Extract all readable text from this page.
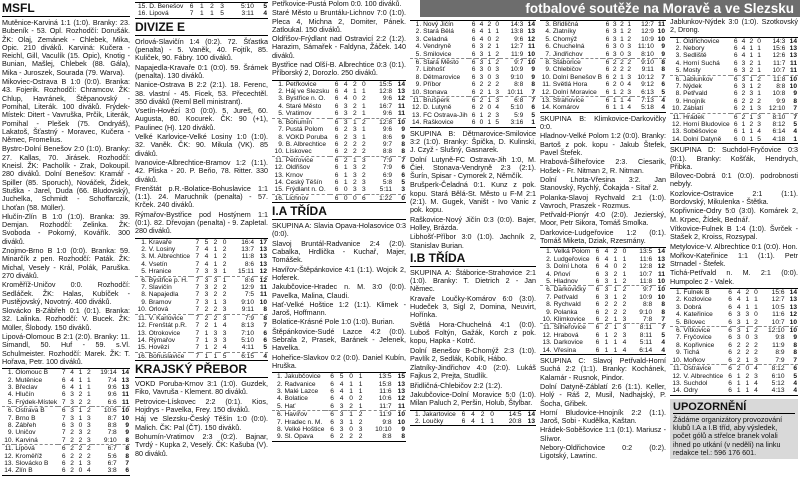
fotbalové soutěže na Moravě a ve Slezsku
MSFL

Mutěnice-Karviná 1:1 (1:0). Branky: 23. Bubeník - 53. Opl. Rozhodčí: Dorušák. ŽK: Olaj, Zemánek - Chlebek, Mika, Opic. 210 diváků. Karviná: Kučera - Reichl, Gill, Vaculík (15. Opic), Knotig - Bunian, Mašlej, Chlebek (88. Gála), Mika - Juroszek, Sourada (79. Warva).

Mikoviec-Ostrava B 1:0 (0:0). Branka: 43. Fojerik. Rozhodčí: Chramcov. ŽK: Chlup, Havránek, Štěpanovský - Pomihal, Literák. 100 diváků. Frýdek-Místek: Ditert - Vavruška, Prčik, Literák, Pomihal - Plešek (75. Ondryáš), Lakatoš, Šťastný - Moravec, Kučera - Němec, Fromelius.

Bystrc-Dolní Benešov 2:0 (1:0). Branky: 27. Kallas, 70. Jirásek. Rozhodčí: Kneisl. ŽK: Pacholík - Zrak, Dokoupil. 280 diváků. Dolní Benešov: Kramář - Spiller (85. Sporuch), Nováček, Židek, Stuška - Jarel, Duda (66. Bludovský), Juchelka, Schmidt - Schoffarczik, Lhoťan (58. Müller).

Hlučín-Zlín B 1:0 (1:0). Branka: 39. Demjan. Rozhodčí: Zelinka. ŽK: Svoboda - Pokorný, Kovářík. 300 diváků.

Znojmo-Brno B 1:0 (0:0). Branka: 59. Minarčík z pen. Rozhodčí: Paták. ŽK: Michal, Vesely - Král, Polák, Paruška. 270 diváků.

Kroměříž-Uničov 0:0. Rozhodčí: Sedláček. ŽK: Halas, Kubíček - Pustějovský, Novotný. 400 diváků.

Slovácko B-Zábřeh 0:1 (0:1). Branka: 32. Lalinka. Rozhodčí: V. Bucek. ŽK: Müller, Šlobody. 150 diváků.

Lipová-Olomouc B 2:1 (2:0). Branky: 11. Simandl, 50. Huf - 59. s.Vl. Schulmeister. Rozhodčí: Marek. ŽK: T. Hořava, Petr. 100 diváků.

1.	Olomouc B	7	4	1	2	19:14	14
2.	Mutěnice	6	4	1	1	7:4	13
3.	Břeclav	6	4	1	1	9:6	13
4.	Hlučín	6	3	2	1	9:6	11
5.	Frýdek-Místek	7	3	2	2	6:6	11
6.	Ostrava B	6	3	1	2	10:6	10
7.	Brno B	7	3	1	3	8:7	10
8.	Zábřeh	6	3	0	3	8:8	9
9.	Uničov	7	2	3	2	7:8	9
10.	Karviná	7	2	2	3	9:10	8
11.	Lipová	6	2	2	2	6:7	8
12.	Kroměříž	6	2	2	2	5:6	8
13.	Slovácko B	6	2	1	3	6:7	7
14.	Zlín B	6	2	0	4	3:8	6
15.	D. Benešov	6	1	2	3	5:10	5
16.	Lipová	7	1	1	5	3:11	4
DIVIZE E

Orlová-Slavičín 1:4 (0:2). 72. Šťastka (penalta) - 5. Vaněk, 40. Fojtík, 85. Kuliček, 90. Fábry. 100 diváků.

Napajedla-Kravaře 0:1 (0:0). 59. Šrámek (penalta). 130 diváků.

Nanice-Ostrava B 2:2 (2:1). 18. Ferenc, 38. vlastní - 45. Ficek, 53. Přecechtěl. 350 diváků (Reml Bell ministrant).

Vsetín-Hovězí 3:0 (0:0). 5, Jureš, 60. Augusta, 80. Kocurek. ČK: 90 (+1), Paulinec (H). 120 diváků.

Velké Karlovice-Velké Losiny 1:0 (1:0). 32. Vaněk. ČK: 90. Mikula (VK). 85 diváků.

Ivanovice-Albrechtice-Bramov 1:2 (1:1). 42. Pliska - 20. P. Beňo, 78. Ritter. 330 diváků.

Frenštát p.R.-Bolatice-Bohuslavice 1:1 (1:1). 24. Maruchnik (penalta) - 57. Krček. 240 diváků.

Rýmařov-Bystřice pod Hostýnem 1:1 (0:1). 82. Dřevojan (penalta) - 9. Zapletal. 280 diváků.

1.	Kravaře	7	5	2	0	16:4	17
2.	V. Losiny	7	4	1	2	13:7	13
3.	M. Albrechtice	7	4	1	2	11:8	13
4.	Vsetín	7	4	1	2	8:6	13
5.	Hranice	7	3	3	1	15:11	12
6.	Bystřice p. H.	7	3	3	1	8:6	12
7.	Slavičín	7	3	2	2	12:9	11
8.	Napajedla	7	3	2	2	7:5	11
9.	Bramov	7	3	1	3	9:10	10
10.	Orlová	7	2	2	3	9:11	8
11.	V. Karlovice	7	2	2	3	7:9	8
12.	Frenštát p.R.	7	2	1	4	8:13	7
13.	Otrokovice	7	1	3	3	7:10	6
14.	Rýmařov	7	1	3	3	5:10	6
15.	Hovězí	7	1	2	4	4:11	5
16.	Bohuslavice	7	1	1	5	6:15	4
KRAJSKÝ PŘEBOR

VOKD Poruba-Krnov 3:1 (1:0). Guzdek, Fiko, Vavruša - Klement. 80 diváků.

Petrovice-Lískovec 2:2 (0:1). Kios, Hojdrys - Pavelka, Frey. 150 diváků.

Háj ve Slezsku-Český Těšín 1:0 (0:0). Malich. ČK: Pal (ČT). 150 diváků.

Bohumín-Vratimov 2:3 (0:2). Bajnar, Tvrdý - Kupka 2, Veselý. ČK: Kašuba (V). 80 diváků.

Petřkovice-Pustá Polom 0:0. 100 diváků.

Staré Město u Bruntálu-Lichnov 7:0 (1:0). Pleca 4, Michna 2, Domiter, Pánek. Zatloukal. 150 diváků.

Oldřišov-Frýdlant nad Ostravicí 2:2 (1:2). Harazim, Sámařek - Faldyna, Žáček. 140 diváků.

Bystřice nad Olší-B. Albrechtice 0:3 (0:1). Příborský 2, Dorozlo. 250 diváků.

1.	Petřkovice	6	4	2	0	15:5	14
2.	Háj ve Slezsku	6	4	1	1	12:8	13
3.	Bystřice n. O.	6	4	0	2	9:6	12
4.	Staré Město	6	3	2	1	16:7	11
5.	Vratimov	6	3	2	1	9:6	11
6.	Bohumín	6	3	1	2	12:8	10
7.	Pustá Polom	6	2	3	1	9:6	9
8.	VOKD Poruba	6	2	3	1	8:6	9
9.	B. Albrechtice	6	2	2	2	9:7	8
10.	Lískovec	6	2	2	2	8:8	8
11.	Petrovice	6	2	1	3	7:9	7
12.	Oldřišov	6	1	3	2	7:9	6
13.	Krnov	6	1	3	2	6:9	6
14.	Český Těšín	6	1	2	3	5:8	5
15.	Frýdlant n. O.	6	0	3	3	5:11	3
16.	Lichnov	6	0	0	6	1:22	0
I.A TŘÍDA

SKUPINA A: Slavia Opava-Holasovice 0:3 (0:0).

Slavoj Bruntál-Radvanice 2:4 (2:0). Cabalka, Hrdlička - Kuchař, Majer, Tomášek.

Havířov-Štěpánkovice 4:1 (1:1). Wojcik 2, Hoferek.

Jakubčovice-Hradec n. M. 3:0 (0:0). Pavelka, Malina, Claudi.

Hať-Velké Hoštice 1:2 (1:1). Klimek - Jaroš, Hoffmann.

Bolatice-Krásné Pole 1:0 (1:0). Burian.

Štěpánkovice-Sudé Lazce 4:2 (0:0). Sebrala 2, Prasek, Baránek - Jelenek, Havelka.

Hoheřice-Slavkov 0:2 (0:0). Daniel Kubín, Hruška.

1.	Jakubčovice	6	5	0	1	13:5	15
2.	Radvanice	6	4	1	1	15:8	13
3.	Malé Lazce	6	4	1	1	11:6	13
4.	Bolatice	6	4	0	2	10:6	12
5.	Hať	6	3	2	1	11:7	11
6.	Havířov	6	3	1	2	11:9	10
7.	Hradec n. M.	6	3	1	2	9:8	10
8.	Velké Hoštice	6	3	0	3	10:10	9
9.	Sl. Opava	6	2	2	2	8:8	8
1.	Nový Jičín	6	4	2	0	14:3	14
2.	Stará Bělá	6	4	1	1	13:8	13
3.	Čeladná	6	4	0	2	9:6	12
4.	Vendryně	6	3	2	1	12:7	11
5.	Smilovice	6	3	1	2	11:9	10
6.	Stará Město	6	3	1	2	9:7	10
7.	Libhošť	6	3	0	3	10:9	9
8.	Dětmarovice	6	3	0	3	9:10	9
9.	Příbor	6	2	2	2	8:8	8
10.	Stonava	6	2	1	3	10:11	7
11.	Brušperk	6	2	1	3	6:8	7
12.	D. Lutyně	6	2	0	4	5:10	6
13.	FC Ostrava-Jih	6	1	2	3	5:9	5
14.	Raškovice	6	0	1	5	3:16	1

SKUPINA B: Dětmarovice-Smilovice 3:2 (1:0). Branky: Špička, D. Kulinski, J. Czyž - Slušný, Gasnarek.

Dolní Lutyně-FC Ostrava-Jih 1:0, M. Čieł. Stonava-Vendryně 2:3 (2:1). Šurín, Spisar - Cymorek 2, Němčík.

Brušperk-Čeladná 0:1. Kunz z pok. kopu. Stará Bělá-St. Město u F-M 2:1 (2:1). M. Gugek, Vaništ - Ivo Vanic z pok. kopu.

Raškovice-Nový Jičín 0:3 (0:0). Bajer, Holley, Brázda.

Libhošť-Příbor 3:0 (1:0). Jachník 2, Stanislav Burian.

I.B TŘÍDA

SKUPINA A: Štáborice-Strahovice 2:1 (1:0). Branky: T. Dietrich 2 - Jan Němec.

Kravaře Loučky-Komárov 6:0 (3:0). Hudeček 3, Sigl 2, Domina, Neuvirt, Hořínka.

Světlá Hora-Chuchelná 4:1 (0:0). Luboš Foltýn, Gažák, Korch z pok. kopu, Hapka - Kotrč.

Dolní Benešov B-Chomýž 2:3 (1:0). Pavlík 2, Sedlák, Kobík, Hábo.

Zlatníky-Jindřichov 4:0 (2:0). Lukáš Fajkus 2, Prejta, Studlík.

Břidličná-Chlebičov 2:2 (1:2).

Jakubčovice-Dolní Moravice 5:0 (1:0). Milan Paluch 2, Peršin, Holub, Štylbar.

1.	Jakartovice	6	4	2	0	14:5	14
2.	Loučky	6	4	1	1	20:8	13
3.	Břidličná	6	3	2	1	12:7	11
4.	Zlatníky	6	3	1	2	12:9	10
5.	Chomýž	6	3	1	2	10:9	10
6.	Chuchelná	6	3	0	3	11:10	9
7.	Jindřichov	6	3	0	3	8:10	9
8.	Štáborice	6	2	2	2	9:10	8
9.	Chlebičov	6	2	2	2	9:11	8
10.	Dolní Benešov B	6	2	1	3	10:12	7
11.	Světlá Hora	6	2	0	4	9:12	6
12.	Dolní Moravice	6	1	2	3	6:13	5
13.	Strahovice	6	1	1	4	7:13	4
14.	Komárov	6	1	1	4	5:18	4

SKUPINA B: Klimkovice-Darkovičky 0:0.

Hladnov-Velké Polom 1:2 (0:0). Branky: Bartoš z pok. kopu - Jakub Štefek, Pavel Štefek.

Hrabová-Šilheřovice 2:3. Ciesarik, Hošek - Fr. Nitman 2, R. Nitman.

Dolní Lhota-Vřesina 3:2. Jan Stanovský, Rychlý, Čokajda - Sítař 2.

Polanka-Slavoj Rychvald 2:1 (1:0). Vavroch, Praszek - Rozmus.

Petřvald-Pionýr 4:0 (2:0). Jezierský, Moor, Petr Sikora, Tomáš Smolka.

Darkovice-Ludgeřovice 1:2 (0:1). Tomáš Miketa, Dziak, Rzesmány.

1.	Velká Polom	6	4	2	0	13:5	14
2.	Ludgeřovice	6	4	1	1	11:6	13
3.	Dolní Lhota	6	4	0	2	12:8	12
4.	Pňoví	6	3	2	1	10:7	11
5.	Hladnov	6	3	1	2	11:8	10
6.	Darkovičky	6	3	1	2	9:7	10
7.	Petřvald	6	3	1	2	10:9	10
8.	Rychvald	6	2	2	2	8:8	8
9.	Polanka	6	2	2	2	9:10	8
10.	Klimkovice	6	2	1	3	7:8	7
11.	Šilheřovice	6	2	1	3	8:11	7
12.	Hrabová	6	1	2	3	8:11	5
13.	Darkovice	6	1	1	4	5:11	4
14.	Vřesina	6	1	1	4	6:14	4

SKUPINA C: Slavoj Petřvald-Horní Suchá 2:2 (1:1). Branky: Kochánek, Kalamár - Rusnok, Pindor.

Dolní Datyně-Záblatí 2:6 (1:1). Keller, Holý - Ráš 2, Musil, Nadhajský, P. Šocha, Gřibek.

Horní Bludovice-Hnojník 2:2 (1:1). Jaroš, Sobi - Kudělka, Kaštan.

Hrádek-Soběšovice 1:1 (0:1). Mariusz - Slíwor.

Nebory-Oldřichovice 0:2 (0:2). Ligotský, Lawrinc.

Jablunkov-Nýdek 3:0 (1:0). Szotkovský 2, Drong.

1.	Oldřichovice	6	4	2	0	14:3	14
2.	Nebory	6	4	1	1	15:6	13
3.	Sedliště	6	4	1	1	12:6	13
4.	Horní Suchá	6	3	2	1	11:7	11
5.	Mosty	6	3	2	1	10:7	11
6.	Jablunkov	6	3	1	2	11:8	10
7.	Nýdek	6	3	1	2	8:8	10
8.	Petřvald	6	2	3	1	10:8	9
9.	Hnojník	6	2	2	2	9:9	8
10.	Záblatí	6	2	1	3	12:10	7
11.	Hrádek	6	2	1	3	8:10	7
12.	Horní Bludovice	6	1	2	3	8:12	5
13.	Soběšovice	6	1	1	4	6:14	4
14.	Dolní Datyně	6	0	1	5	4:18	1

SKUPINA D: Suchdol-Fryčovice 0:3 (0:1). Branky: Košťák, Hendrych, Přibka.

Bílovec-Dobrá 0:1 (0:0). podrobnosti nebyly.

Kozlovice-Ostravice 2:1 (1:1). Bordovský, Mikulenka - Štětka.

Kopřivnice-Odry 5:0 (3:0). Komárek 2, M. Krpec, Žídek, Bednář.

Vítkovice-Fulnek B 1:4 (1:0). Švrček - Stašek 2, Kroiss, Rozsypal.

Metylovice-V. Albrechtice 0:1 (0:0). Hon.

Mořkov-Kateřinice 1:1 (1:1). Petr Strnadel - Štefek.

Tichá-Petřvald n. M. 2:1 (0:0). Humpolec 2 - Valek.

1.	Fulnek B	6	4	2	0	15:6	14
2.	Kozlovice	6	4	1	1	12:7	13
3.	Dobrá	6	4	1	1	10:5	13
4.	Kateřinice	6	3	3	0	11:6	12
5.	Bílovec	6	3	1	2	10:7	10
6.	Vítkovice	6	3	1	2	12:10	10
7.	Fryčovice	6	3	0	3	9:8	9
8.	Kopřivnice	6	2	2	2	11:9	8
9.	Tichá	6	2	2	2	8:9	8
10.	Mořkov	6	2	1	3	7:9	7
11.	Ostravice	6	2	0	4	8:12	6
12.	V. Albrechtice	6	1	2	3	6:10	5
13.	Suchdol	6	1	1	4	5:12	4
14.	Odry	6	1	1	4	4:13	4
UPOZORNĚNÍ
Žádáme organizátory provozování klubů I.A a I.B tříd, aby výsledek, počet gólů a střelce branek volali ihned po utkání (v neděli) na linku redakce tel.: 596 176 601.
